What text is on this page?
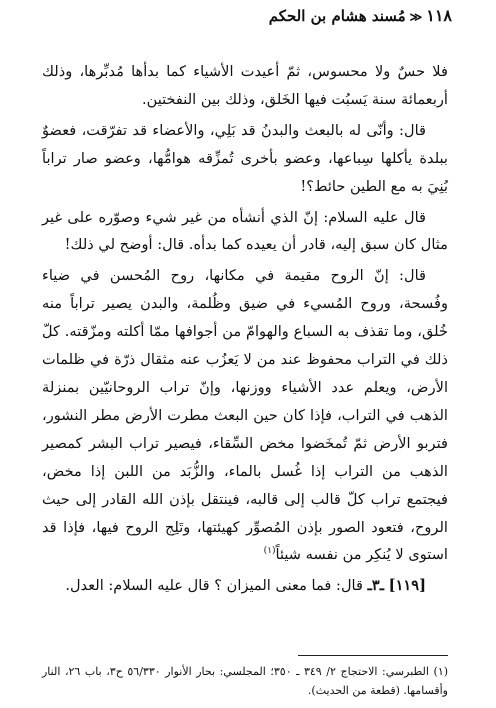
١١٨≪مُسند هشام بن الحكم

فلا حسٌ ولا محسوس، ثمّ أعيدت الأشياء كما بدأها مُدبِّرها، وذلك أربعمائة سنة يَسبُت فيها الخَلق، وذلك بين النفختين.

قال: وأنّى له بالبعث والبدنُ قد بَلِي، والأعضاء قد تفرّقت، فعضوٌ ببلدة يأكلها سِباعها، وعضو بأخرى تُمزِّقه هوامُّها، وعضو صار تراباً بُنِيَ به مع الطين حائط؟!

قال عليه السلام: إنّ الذي أنشأه من غير شيء وصوّره على غير مثال كان سبق إليه، قادر أن يعيده كما بدأه. قال: أوضح لي ذلك!

قال: إنّ الروح مقيمة في مكانها، روح المُحسن في ضياء وفُسحة، وروح المُسيء في ضيق وظُلمة، والبدن يصير تراباً منه خُلق، وما تقذف به السباع والهوامّ من أجوافها ممّا أكلته ومزّقته. كلّ ذلك في التراب محفوظ عند من لا يَعزُب عنه مثقال ذرّة في ظلمات الأرض، ويعلم عدد الأشياء ووزنها، وإنّ تراب الروحانيّين بمنزلة الذهب في التراب، فإذا كان حين البعث مطرت الأرض مطر النشور، فتربو الأرض ثمّ تُمخَضوا مخض السِّقاء، فيصير تراب البشر كمصير الذهب من التراب إذا غُسل بالماء، والزُّبَد من اللبن إذا مخض، فيجتمع تراب كلّ قالب إلى قالبه، فينتقل بإذن الله القادر إلى حيث الروح، فتعود الصور بإذن المُصوِّر كهيئتها، وتَلِج الروح فيها، فإذا قد استوى لا يُنكِر من نفسه شيئاً$^{(١)}$

[١١٩] ـ٣ـ قال: فما معنى الميزان ؟ قال عليه السلام: العدل.

(١) الطبرسي: الاحتجاج ٢/ ٣٤٩ ـ ٣٥٠؛ المجلسي: بحار الأنوار ٥٦/٣٣٠ ح٣، باب ٢٦، النار وأقسامها. (قطعة من الحديث).
